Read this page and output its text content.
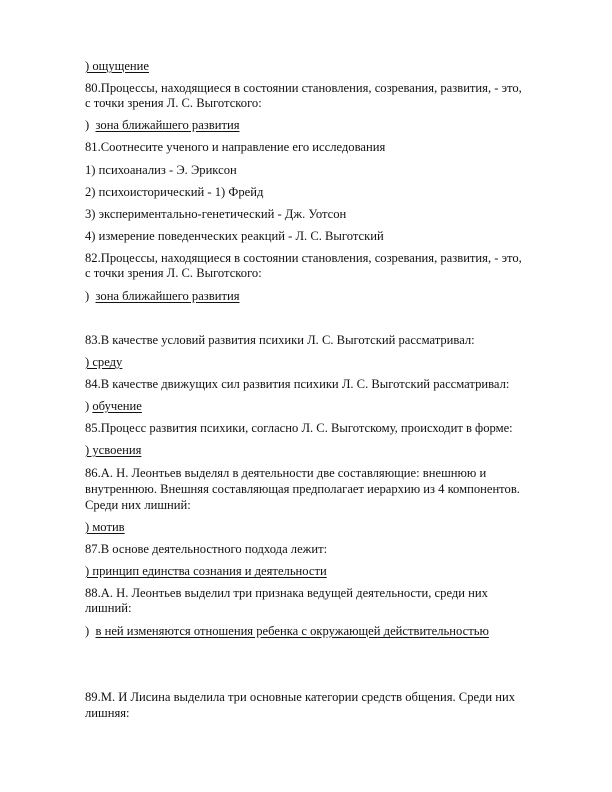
) ощущение
80.Процессы, находящиеся в состоянии становления, созревания, развития, - это,
с точки зрения Л. С. Выготского:
)  зона ближайшего развития
81.Соотнесите ученого и направление его исследования
1) психоанализ - Э. Эриксон
2) психоисторический - 1) Фрейд
3) экспериментально-генетический - Дж. Уотсон
4) измерение поведенческих реакций - Л. С. Выготский
82.Процессы, находящиеся в состоянии становления, созревания, развития, - это,
с точки зрения Л. С. Выготского:
)  зона ближайшего развития
83.В качестве условий развития психики Л. С. Выготский рассматривал:
) среду
84.В качестве движущих сил развития психики Л. С. Выготский рассматривал:
) обучение
85.Процесс развития психики, согласно Л. С. Выготскому, происходит в форме:
) усвоения
86.А. Н. Леонтьев выделял в деятельности две составляющие: внешнюю и
внутреннюю. Внешняя составляющая предполагает иерархию из 4 компонентов.
Среди них лишний:
) мотив
87.В основе деятельностного подхода лежит:
) принцип единства сознания и деятельности
88.А. Н. Леонтьев выделил три признака ведущей деятельности, среди них
лишний:
)  в ней изменяются отношения ребенка с окружающей действительностью
89.М. И Лисина выделила три основные категории средств общения. Среди них
лишняя:
